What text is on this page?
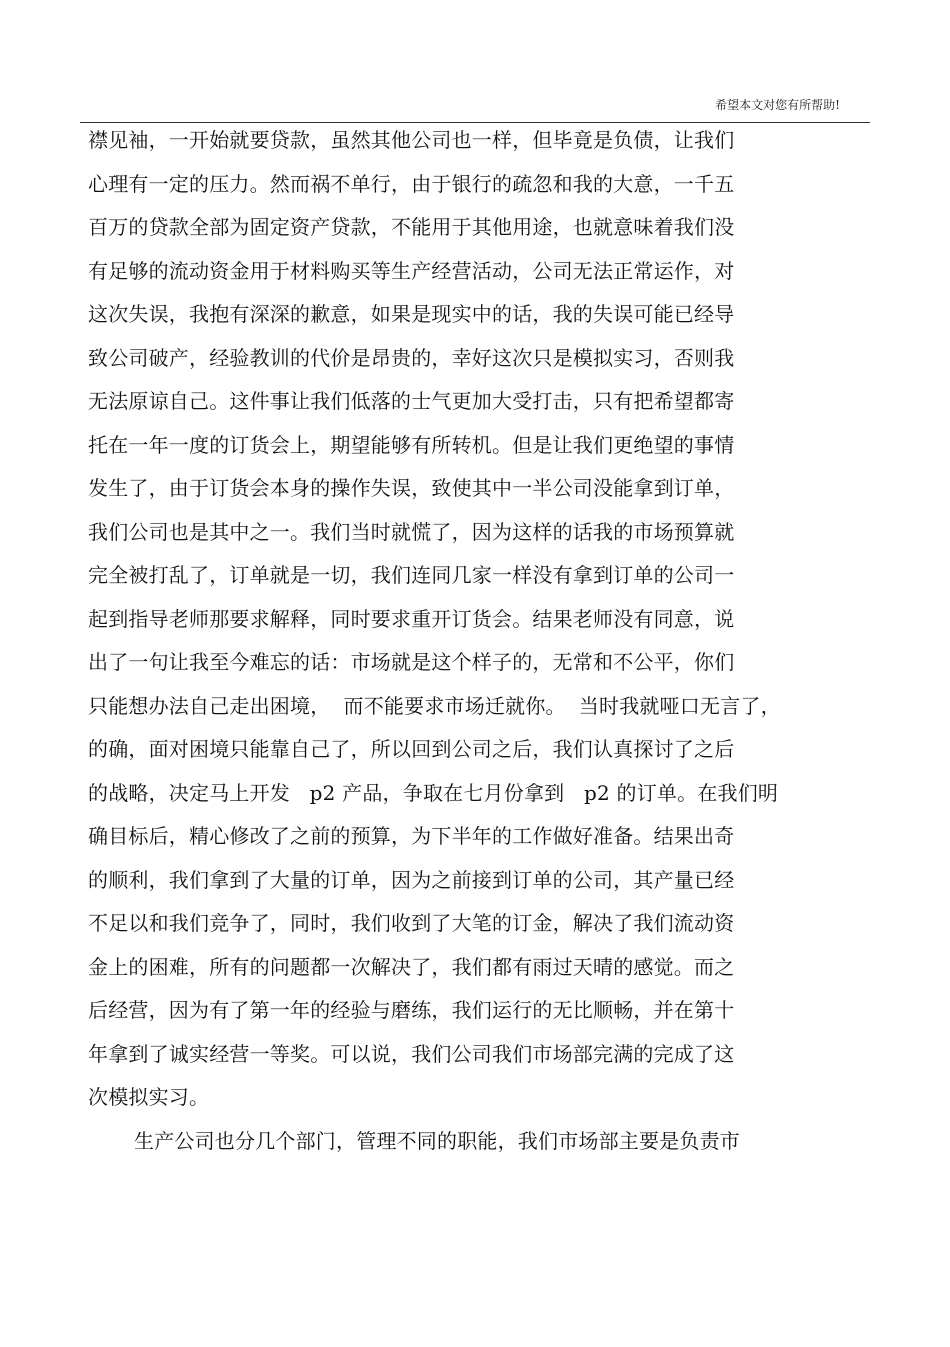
希望本文对您有所帮助!
襟见袖，一开始就要贷款，虽然其他公司也一样，但毕竟是负债，让我们
心理有一定的压力。然而祸不单行，由于银行的疏忽和我的大意，一千五
百万的贷款全部为固定资产贷款，不能用于其他用途，也就意味着我们没
有足够的流动资金用于材料购买等生产经营活动，公司无法正常运作，对
这次失误，我抱有深深的歉意，如果是现实中的话，我的失误可能已经导
致公司破产，经验教训的代价是昂贵的，幸好这次只是模拟实习，否则我
无法原谅自己。这件事让我们低落的士气更加大受打击，只有把希望都寄
托在一年一度的订货会上，期望能够有所转机。但是让我们更绝望的事情
发生了，由于订货会本身的操作失误，致使其中一半公司没能拿到订单，
我们公司也是其中之一。我们当时就慌了，因为这样的话我的市场预算就
完全被打乱了，订单就是一切，我们连同几家一样没有拿到订单的公司一
起到指导老师那要求解释，同时要求重开订货会。结果老师没有同意，说
出了一句让我至今难忘的话：市场就是这个样子的，无常和不公平，你们
只能想办法自己走出困境，  而不能要求市场迁就你。  当时我就哑口无言了，
的确，面对困境只能靠自己了，所以回到公司之后，我们认真探讨了之后
的战略，决定马上开发   p2 产品，争取在七月份拿到   p2 的订单。在我们明
确目标后，精心修改了之前的预算，为下半年的工作做好准备。结果出奇
的顺利，我们拿到了大量的订单，因为之前接到订单的公司，其产量已经
不足以和我们竞争了，同时，我们收到了大笔的订金，解决了我们流动资
金上的困难，所有的问题都一次解决了，我们都有雨过天晴的感觉。而之
后经营，因为有了第一年的经验与磨练，我们运行的无比顺畅，并在第十
年拿到了诚实经营一等奖。可以说，我们公司我们市场部完满的完成了这
次模拟实习。
生产公司也分几个部门，管理不同的职能，我们市场部主要是负责市
